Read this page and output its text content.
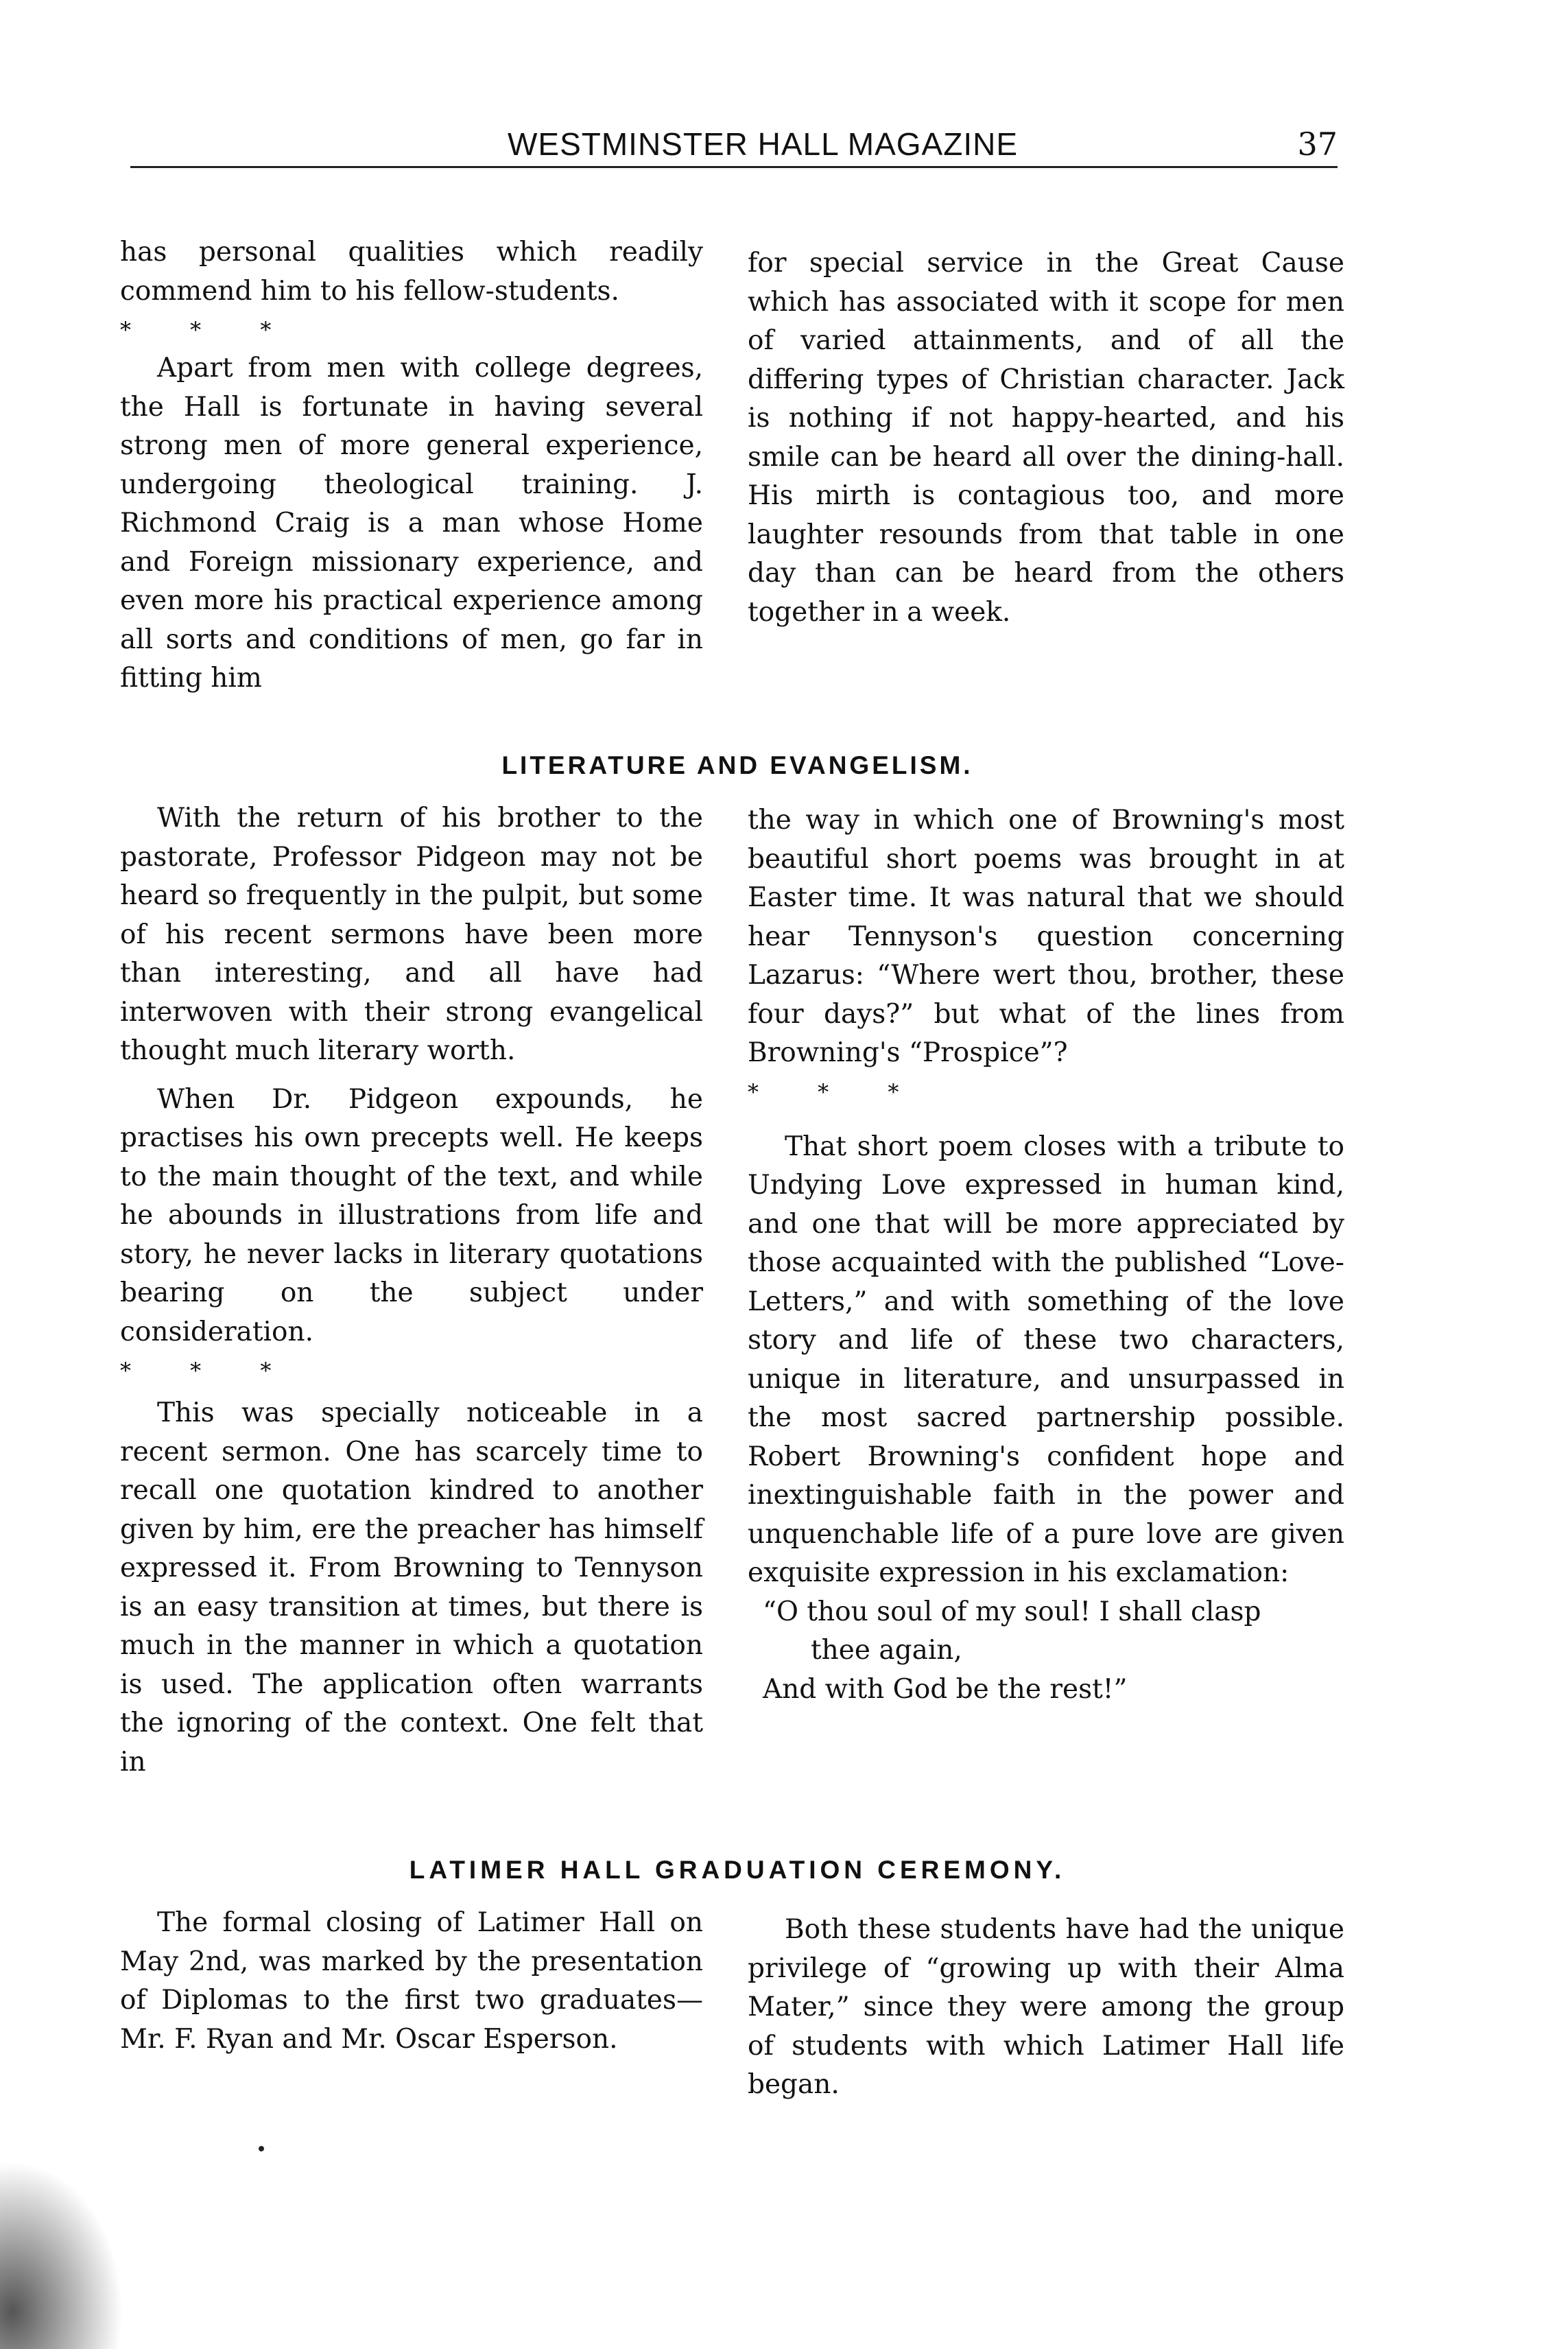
WESTMINSTER HALL MAGAZINE	37

has personal qualities which readily commend him to his fellow-students.

* * *

Apart from men with college degrees, the Hall is fortunate in having several strong men of more general experience, undergoing theological training. J. Richmond Craig is a man whose Home and Foreign missionary experience, and even more his practical experience among all sorts and conditions of men, go far in fitting him

for special service in the Great Cause which has associated with it scope for men of varied attainments, and of all the differing types of Christian character. Jack is nothing if not happy-hearted, and his smile can be heard all over the dining-hall. His mirth is contagious too, and more laughter resounds from that table in one day than can be heard from the others together in a week.

LITERATURE AND EVANGELISM.

With the return of his brother to the pastorate, Professor Pidgeon may not be heard so frequently in the pulpit, but some of his recent sermons have been more than interesting, and all have had interwoven with their strong evangelical thought much literary worth.

When Dr. Pidgeon expounds, he practises his own precepts well. He keeps to the main thought of the text, and while he abounds in illustrations from life and story, he never lacks in literary quotations bearing on the subject under consideration.

* * *

This was specially noticeable in a recent sermon. One has scarcely time to recall one quotation kindred to another given by him, ere the preacher has himself expressed it. From Browning to Tennyson is an easy transition at times, but there is much in the manner in which a quotation is used. The application often warrants the ignoring of the context. One felt that in

the way in which one of Browning's most beautiful short poems was brought in at Easter time. It was natural that we should hear Tennyson's question concerning Lazarus: “Where wert thou, brother, these four days?” but what of the lines from Browning's “Prospice”?

* * *

That short poem closes with a tribute to Undying Love expressed in human kind, and one that will be more appreciated by those acquainted with the published “Love-Letters,” and with something of the love story and life of these two characters, unique in literature, and unsurpassed in the most sacred partnership possible. Robert Browning's confident hope and inextinguishable faith in the power and unquenchable life of a pure love are given exquisite expression in his exclamation:

“O thou soul of my soul! I shall clasp
thee again,
And with God be the rest!”
LATIMER HALL GRADUATION CEREMONY.

The formal closing of Latimer Hall on May 2nd, was marked by the presentation of Diplomas to the first two graduates—Mr. F. Ryan and Mr. Oscar Esperson.

Both these students have had the unique privilege of “growing up with their Alma Mater,” since they were among the group of students with which Latimer Hall life began.
